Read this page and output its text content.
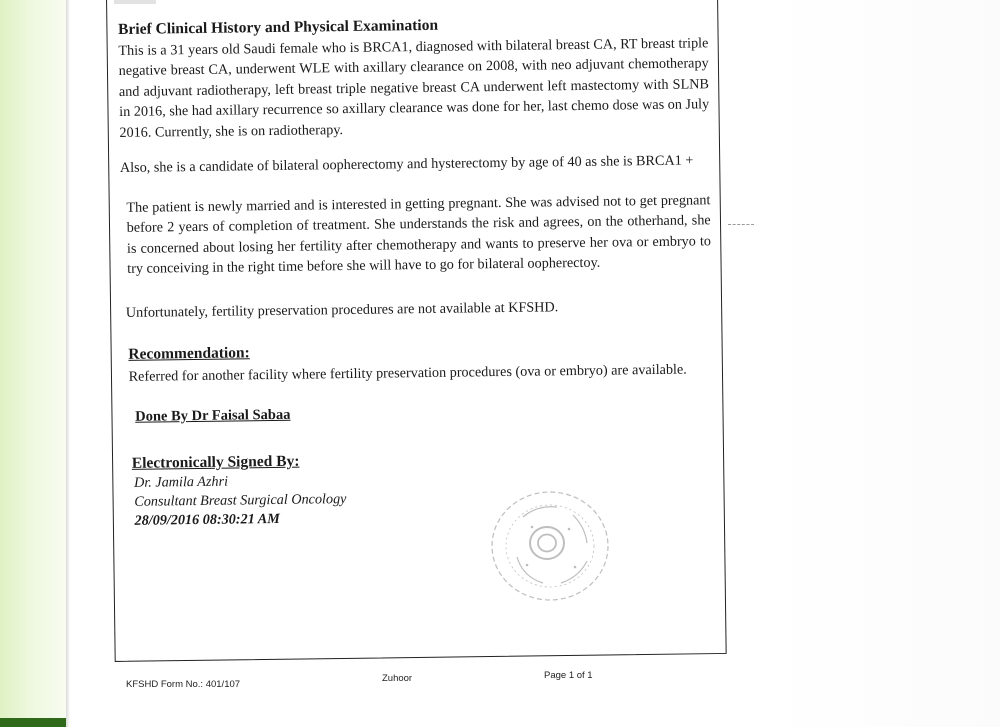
Brief Clinical History and Physical Examination

This is a 31 years old Saudi female who is BRCA1, diagnosed with bilateral breast CA, RT breast triple negative breast CA, underwent WLE with axillary clearance on 2008, with neo adjuvant chemotherapy and adjuvant radiotherapy, left breast triple negative breast CA underwent left mastectomy with SLNB in 2016, she had axillary recurrence so axillary clearance was done for her, last chemo dose was on July 2016. Currently, she is on radiotherapy.

Also, she is a candidate of bilateral oopherectomy and hysterectomy by age of 40 as she is BRCA1 +

The patient is newly married and is interested in getting pregnant. She was advised not to get pregnant before 2 years of completion of treatment. She understands the risk and agrees, on the otherhand, she is concerned about losing her fertility after chemotherapy and wants to preserve her ova or embryo to try conceiving in the right time before she will have to go for bilateral oopherectoy.

Unfortunately, fertility preservation procedures are not available at KFSHD.

Recommendation:

Referred for another facility where fertility preservation procedures (ova or embryo) are available.

Done By Dr Faisal Sabaa
Electronically Signed By:

Dr. Jamila Azhri

Consultant Breast Surgical Oncology

28/09/2016 08:30:21 AM

KFSHD Form No.: 401/107
Zuhoor	Page 1 of 1
